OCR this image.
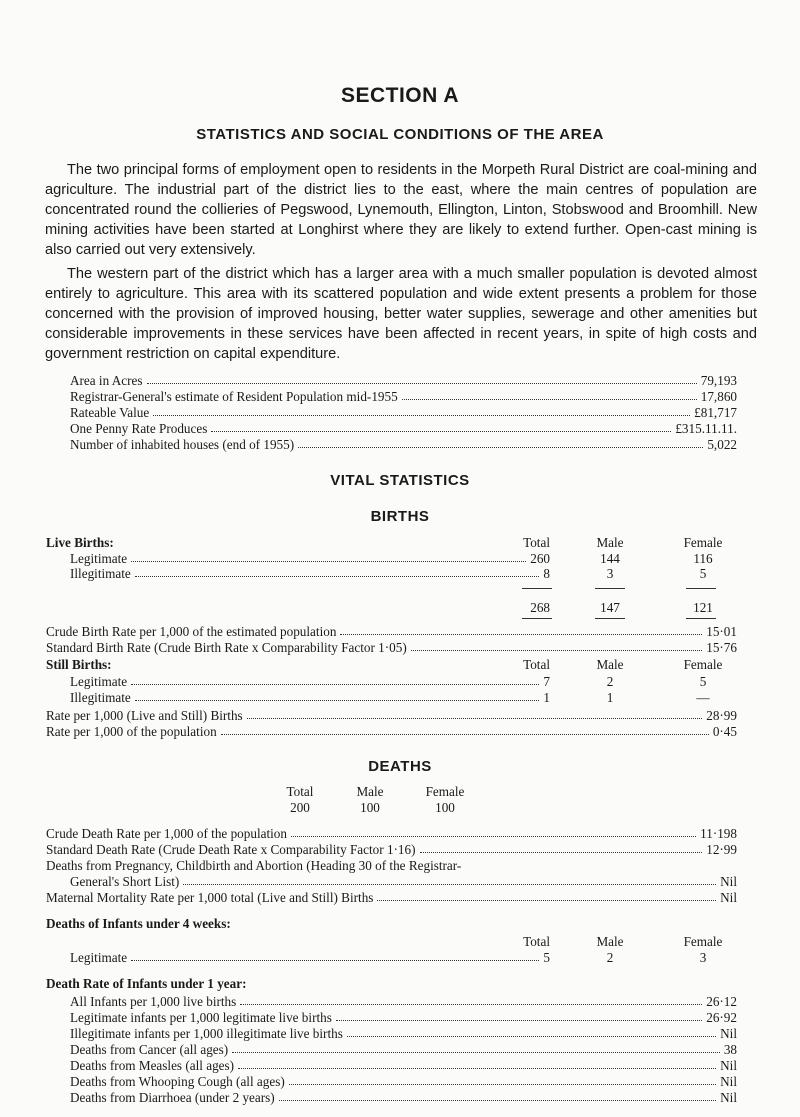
SECTION A
STATISTICS AND SOCIAL CONDITIONS OF THE AREA
The two principal forms of employment open to residents in the Morpeth Rural District are coal-mining and agriculture. The industrial part of the district lies to the east, where the main centres of population are concentrated round the collieries of Pegswood, Lynemouth, Ellington, Linton, Stobswood and Broomhill. New mining activities have been started at Longhirst where they are likely to extend further. Open-cast mining is also carried out very extensively.
The western part of the district which has a larger area with a much smaller population is devoted almost entirely to agriculture. This area with its scattered population and wide extent presents a problem for those concerned with the provision of improved housing, better water supplies, sewerage and other amenities but considerable improvements in these services have been affected in recent years, in spite of high costs and government restriction on capital expenditure.
Area in Acres	79,193
Registrar-General's estimate of Resident Population mid-1955	17,860
Rateable Value	£81,717
One Penny Rate Produces	£315.11.11.
Number of inhabited houses (end of 1955)	5,022
VITAL STATISTICS
BIRTHS
Live Births:	Total	Male	Female
Legitimate	260	144	116
Illegitimate	8	3	5
268	147	121
Crude Birth Rate per 1,000 of the estimated population	15·01
Standard Birth Rate (Crude Birth Rate x Comparability Factor 1·05)	15·76
Still Births:	Total	Male	Female
Legitimate	7	2	5
Illegitimate	1	1	—
Rate per 1,000 (Live and Still) Births	28·99
Rate per 1,000 of the population	0·45
DEATHS
Total	Male	Female
200	100	100
Crude Death Rate per 1,000 of the population	11·198
Standard Death Rate (Crude Death Rate x Comparability Factor 1·16)	12·99
Deaths from Pregnancy, Childbirth and Abortion (Heading 30 of the Registrar-
General's Short List)	Nil
Maternal Mortality Rate per 1,000 total (Live and Still) Births	Nil
Deaths of Infants under 4 weeks:
Total	Male	Female
Legitimate	5	2	3
Death Rate of Infants under 1 year:
All Infants per 1,000 live births	26·12
Legitimate infants per 1,000 legitimate live births	26·92
Illegitimate infants per 1,000 illegitimate live births	Nil
Deaths from Cancer (all ages)	38
Deaths from Measles (all ages)	Nil
Deaths from Whooping Cough (all ages)	Nil
Deaths from Diarrhoea (under 2 years)	Nil
